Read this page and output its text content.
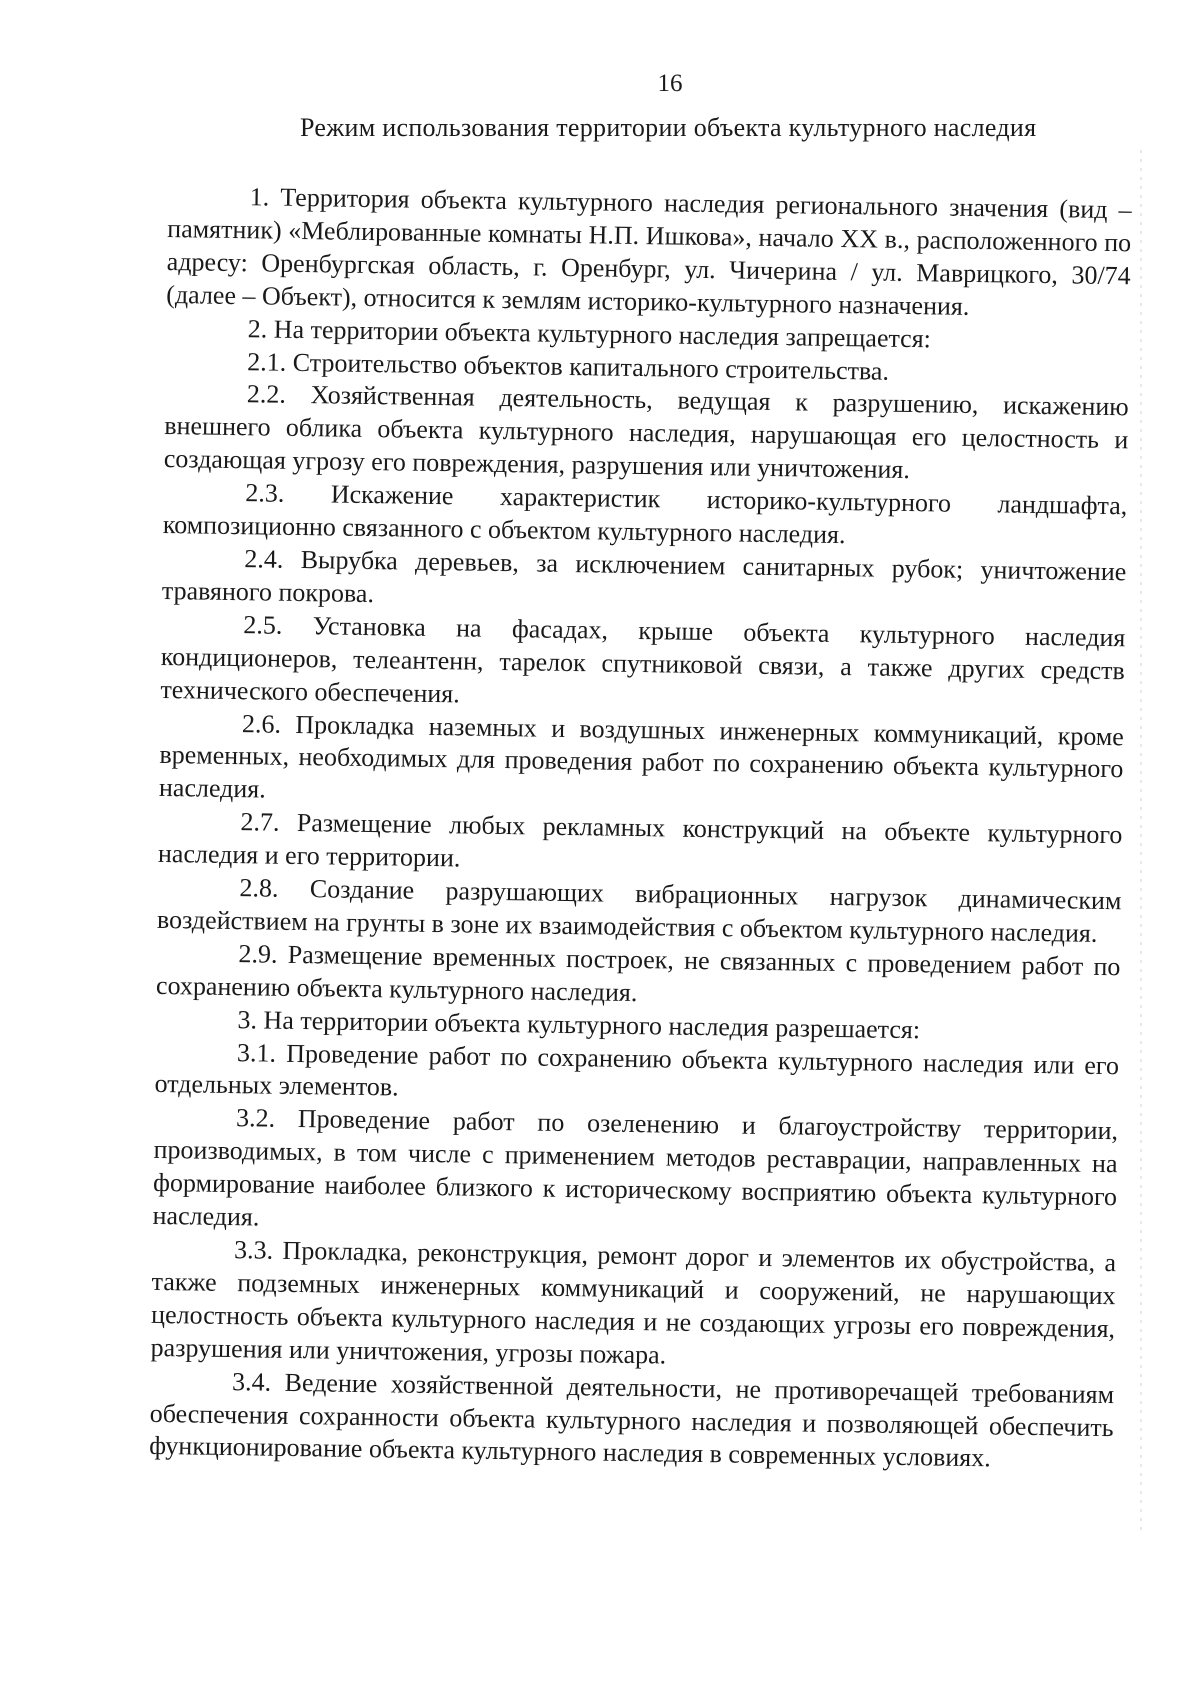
16
Режим использования территории объекта культурного наследия

1. Территория объекта культурного наследия регионального значения (вид – памятник) «Меблированные комнаты Н.П. Ишкова», начало XX в., расположенного по адресу: Оренбургская область, г. Оренбург, ул. Чичерина / ул. Маврицкого, 30/74 (далее – Объект), относится к землям историко-культурного назначения.

2. На территории объекта культурного наследия запрещается:

2.1. Строительство объектов капитального строительства.

2.2. Хозяйственная деятельность, ведущая к разрушению, искажению внешнего облика объекта культурного наследия, нарушающая его целостность и создающая угрозу его повреждения, разрушения или уничтожения.

2.3. Искажение характеристик историко-культурного ландшафта, композиционно связанного с объектом культурного наследия.

2.4. Вырубка деревьев, за исключением санитарных рубок; уничтожение травяного покрова.

2.5. Установка на фасадах, крыше объекта культурного наследия кондиционеров, телеантенн, тарелок спутниковой связи, а также других средств технического обеспечения.

2.6. Прокладка наземных и воздушных инженерных коммуникаций, кроме временных, необходимых для проведения работ по сохранению объекта культурного наследия.

2.7. Размещение любых рекламных конструкций на объекте культурного наследия и его территории.

2.8. Создание разрушающих вибрационных нагрузок динамическим воздействием на грунты в зоне их взаимодействия с объектом культурного наследия.

2.9. Размещение временных построек, не связанных с проведением работ по сохранению объекта культурного наследия.

3. На территории объекта культурного наследия разрешается:

3.1. Проведение работ по сохранению объекта культурного наследия или его отдельных элементов.

3.2. Проведение работ по озеленению и благоустройству территории, производимых, в том числе с применением методов реставрации, направленных на формирование наиболее близкого к историческому восприятию объекта культурного наследия.

3.3. Прокладка, реконструкция, ремонт дорог и элементов их обустройства, а также подземных инженерных коммуникаций и сооружений, не нарушающих целостность объекта культурного наследия и не создающих угрозы его повреждения, разрушения или уничтожения, угрозы пожара.

3.4. Ведение хозяйственной деятельности, не противоречащей требованиям обеспечения сохранности объекта культурного наследия и позволяющей обеспечить функционирование объекта культурного наследия в современных условиях.
